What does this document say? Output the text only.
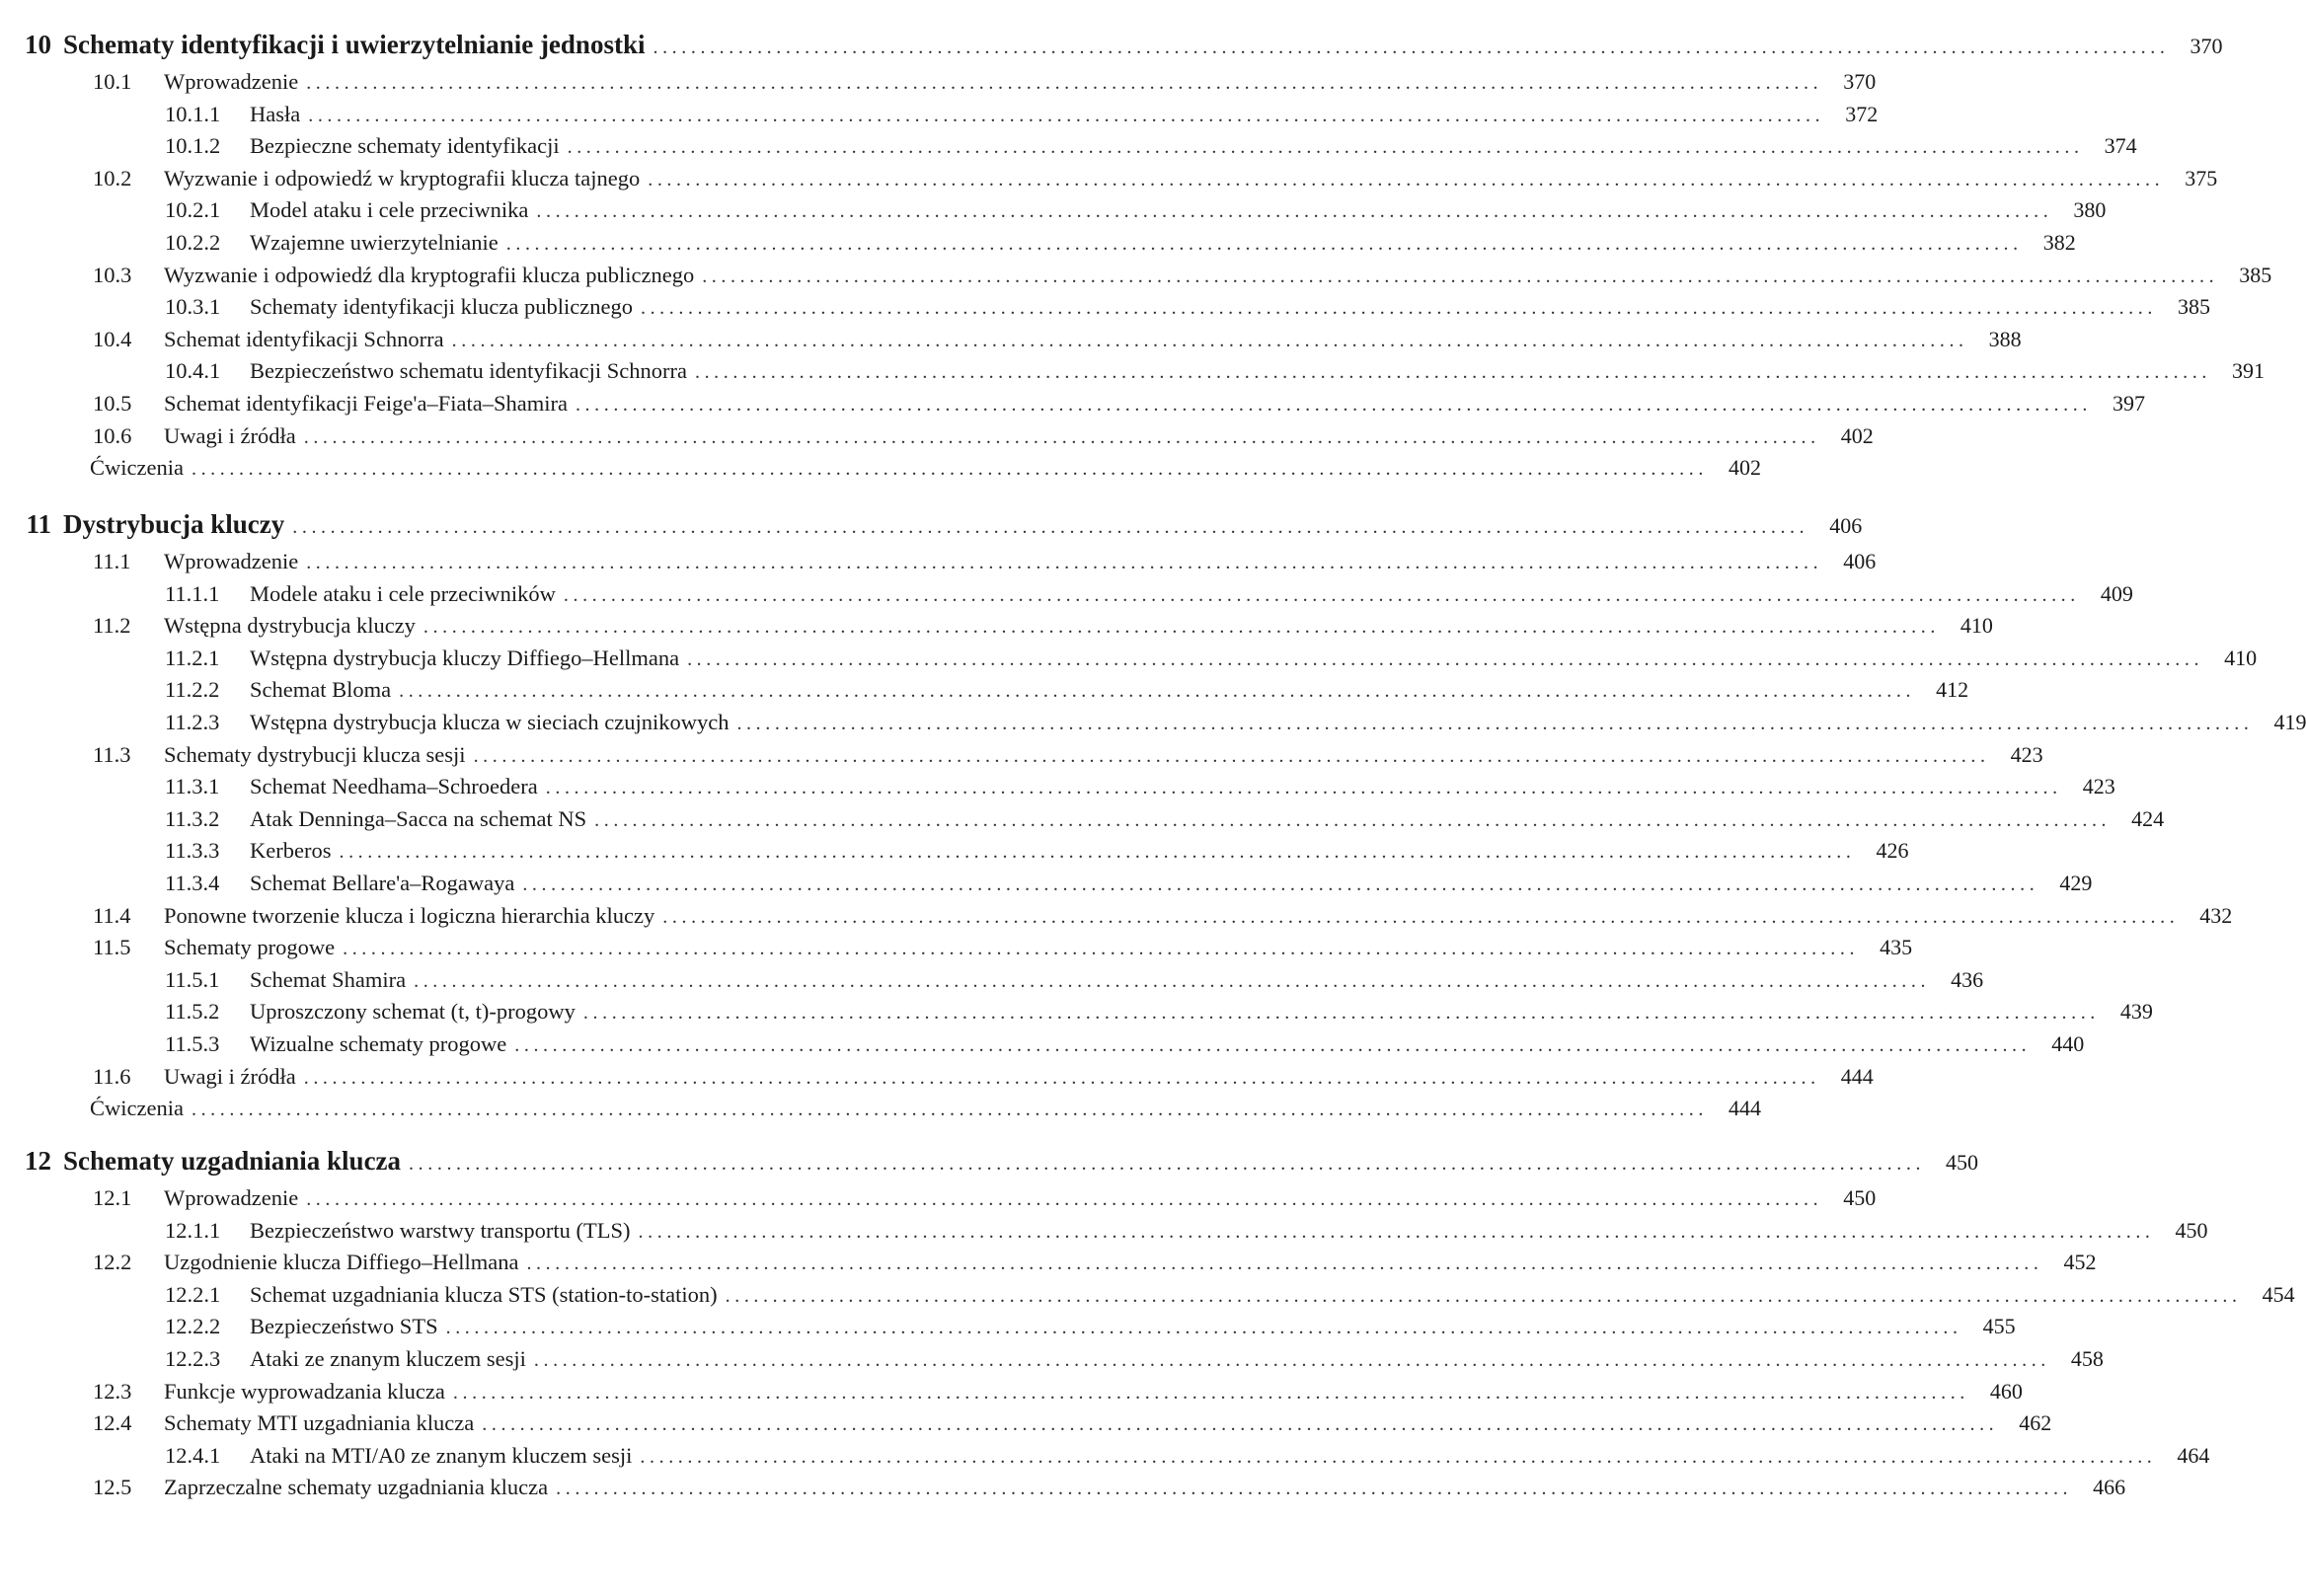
10 Schematy identyfikacji i uwierzytelnianie jednostki ................................................................................................................................................................ 370
10.1	Wprowadzenie ................................................................................................................................................................ 370
10.1.1	Hasła ................................................................................................................................................................ 372
10.1.2	Bezpieczne schematy identyfikacji ................................................................................................................................................................ 374
10.2	Wyzwanie i odpowiedź w kryptografii klucza tajnego ................................................................................................................................................................ 375
10.2.1	Model ataku i cele przeciwnika ................................................................................................................................................................ 380
10.2.2	Wzajemne uwierzytelnianie ................................................................................................................................................................ 382
10.3	Wyzwanie i odpowiedź dla kryptografii klucza publicznego ................................................................................................................................................................ 385
10.3.1	Schematy identyfikacji klucza publicznego ................................................................................................................................................................ 385
10.4	Schemat identyfikacji Schnorra ................................................................................................................................................................ 388
10.4.1	Bezpieczeństwo schematu identyfikacji Schnorra ................................................................................................................................................................ 391
10.5	Schemat identyfikacji Feige'a–Fiata–Shamira ................................................................................................................................................................ 397
10.6	Uwagi i źródła ................................................................................................................................................................ 402
Ćwiczenia ................................................................................................................................................................ 402
11 Dystrybucja kluczy ................................................................................................................................................................ 406
11.1	Wprowadzenie ................................................................................................................................................................ 406
11.1.1	Modele ataku i cele przeciwników ................................................................................................................................................................ 409
11.2	Wstępna dystrybucja kluczy ................................................................................................................................................................ 410
11.2.1	Wstępna dystrybucja kluczy Diffiego–Hellmana ................................................................................................................................................................ 410
11.2.2	Schemat Bloma ................................................................................................................................................................ 412
11.2.3	Wstępna dystrybucja klucza w sieciach czujnikowych ................................................................................................................................................................ 419
11.3	Schematy dystrybucji klucza sesji ................................................................................................................................................................ 423
11.3.1	Schemat Needhama–Schroedera ................................................................................................................................................................ 423
11.3.2	Atak Denninga–Sacca na schemat NS ................................................................................................................................................................ 424
11.3.3	Kerberos ................................................................................................................................................................ 426
11.3.4	Schemat Bellare'a–Rogawaya ................................................................................................................................................................ 429
11.4	Ponowne tworzenie klucza i logiczna hierarchia kluczy ................................................................................................................................................................ 432
11.5	Schematy progowe ................................................................................................................................................................ 435
11.5.1	Schemat Shamira ................................................................................................................................................................ 436
11.5.2	Uproszczony schemat (t, t)-progowy ................................................................................................................................................................ 439
11.5.3	Wizualne schematy progowe ................................................................................................................................................................ 440
11.6	Uwagi i źródła ................................................................................................................................................................ 444
Ćwiczenia ................................................................................................................................................................ 444
12 Schematy uzgadniania klucza ................................................................................................................................................................ 450
12.1	Wprowadzenie ................................................................................................................................................................ 450
12.1.1	Bezpieczeństwo warstwy transportu (TLS) ................................................................................................................................................................ 450
12.2	Uzgodnienie klucza Diffiego–Hellmana ................................................................................................................................................................ 452
12.2.1	Schemat uzgadniania klucza STS (station-to-station) ................................................................................................................................................................ 454
12.2.2	Bezpieczeństwo STS ................................................................................................................................................................ 455
12.2.3	Ataki ze znanym kluczem sesji ................................................................................................................................................................ 458
12.3	Funkcje wyprowadzania klucza ................................................................................................................................................................ 460
12.4	Schematy MTI uzgadniania klucza ................................................................................................................................................................ 462
12.4.1	Ataki na MTI/A0 ze znanym kluczem sesji ................................................................................................................................................................ 464
12.5	Zaprzeczalne schematy uzgadniania klucza ................................................................................................................................................................ 466
